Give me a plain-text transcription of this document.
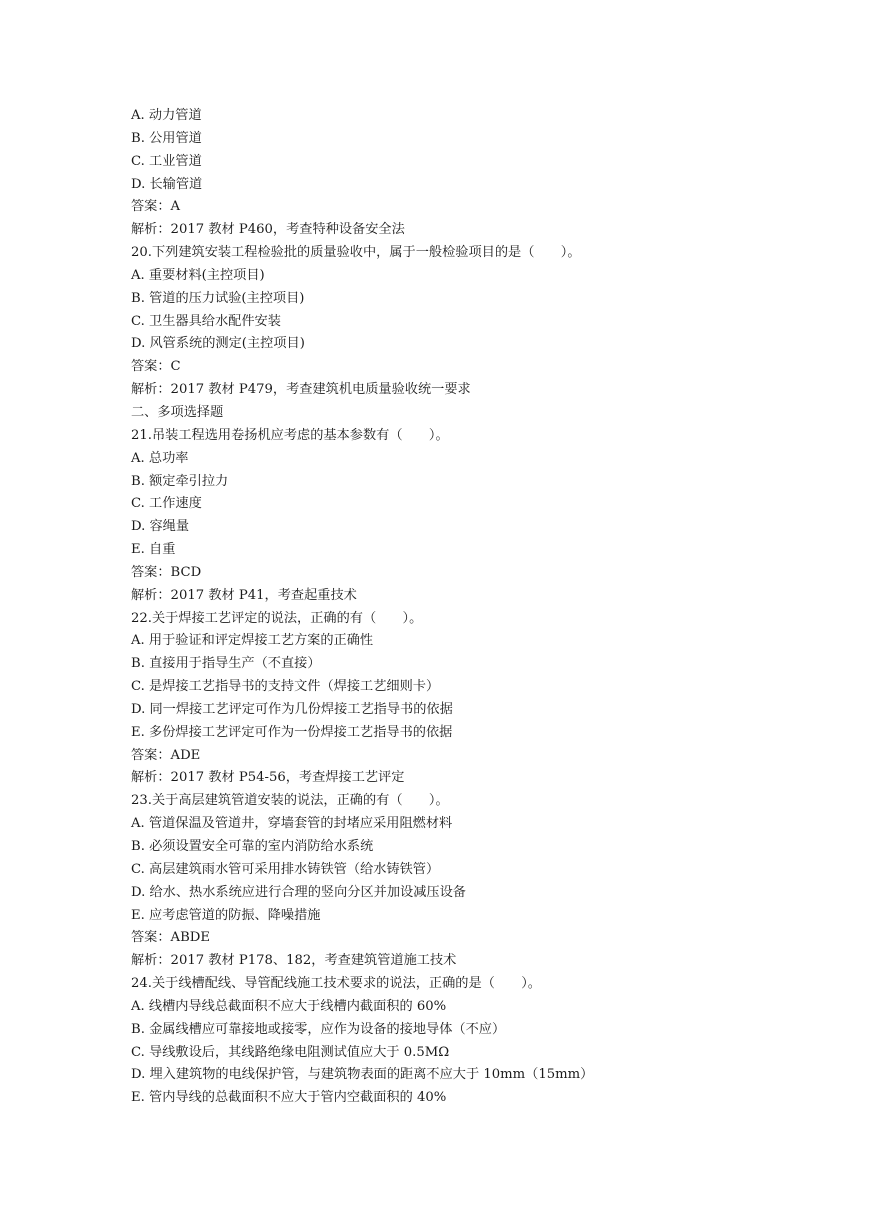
A. 动力管道

B. 公用管道

C. 工业管道

D. 长输管道

答案：A

解析：2017 教材 P460，考查特种设备安全法

20.下列建筑安装工程检验批的质量验收中，属于一般检验项目的是（　　）。

A. 重要材料(主控项目)

B. 管道的压力试验(主控项目)

C. 卫生器具给水配件安装

D. 风管系统的测定(主控项目)

答案：C

解析：2017 教材 P479，考查建筑机电质量验收统一要求

二、多项选择题

21.吊装工程选用卷扬机应考虑的基本参数有（　　）。

A. 总功率

B. 额定牵引拉力

C. 工作速度

D. 容绳量

E. 自重

答案：BCD

解析：2017 教材 P41，考查起重技术

22.关于焊接工艺评定的说法，正确的有（　　）。

A. 用于验证和评定焊接工艺方案的正确性

B. 直接用于指导生产（不直接）

C. 是焊接工艺指导书的支持文件（焊接工艺细则卡）

D. 同一焊接工艺评定可作为几份焊接工艺指导书的依据

E. 多份焊接工艺评定可作为一份焊接工艺指导书的依据

答案：ADE

解析：2017 教材 P54-56，考查焊接工艺评定

23.关于高层建筑管道安装的说法，正确的有（　　）。

A. 管道保温及管道井，穿墙套管的封堵应采用阻燃材料

B. 必须设置安全可靠的室内消防给水系统

C. 高层建筑雨水管可采用排水铸铁管（给水铸铁管）

D. 给水、热水系统应进行合理的竖向分区并加设减压设备

E. 应考虑管道的防振、降噪措施

答案：ABDE

解析：2017 教材 P178、182，考查建筑管道施工技术

24.关于线槽配线、导管配线施工技术要求的说法，正确的是（　　）。

A. 线槽内导线总截面积不应大于线槽内截面积的 60%

B. 金属线槽应可靠接地或接零，应作为设备的接地导体（不应）

C. 导线敷设后，其线路绝缘电阻测试值应大于 0.5MΩ

D. 埋入建筑物的电线保护管，与建筑物表面的距离不应大于 10mm（15mm）

E. 管内导线的总截面积不应大于管内空截面积的 40%
